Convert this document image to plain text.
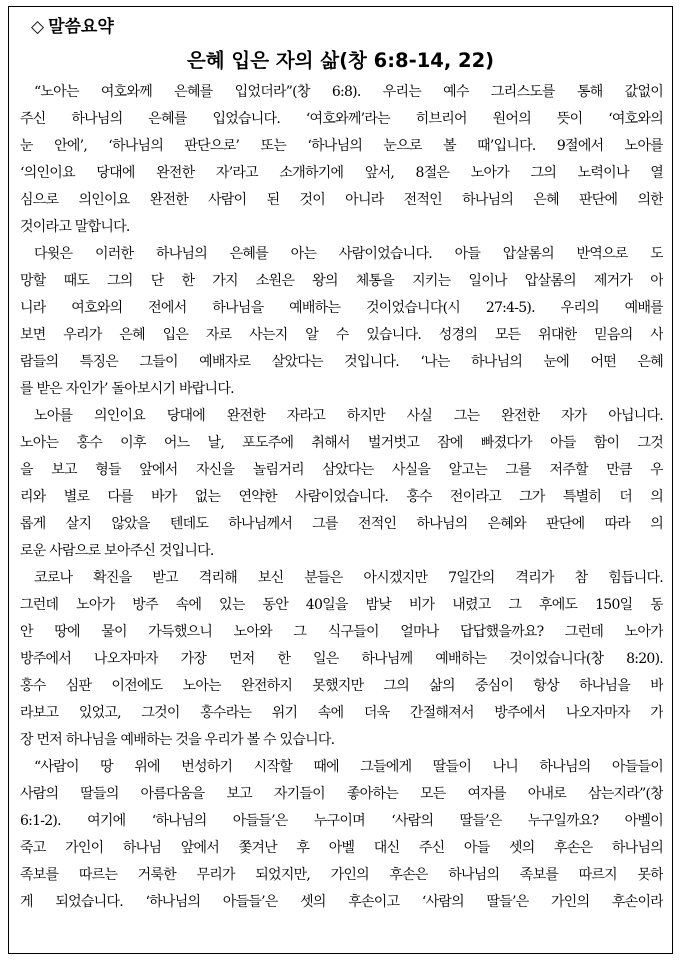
◇ 말씀요약
은혜 입은 자의 삶(창 6:8-14, 22)
“노아는 여호와께 은혜를 입었더라”(창 6:8). 우리는 예수 그리스도를 통해 값없이
주신 하나님의 은혜를 입었습니다. ‘여호와께’라는 히브리어 원어의 뜻이 ‘여호와의
눈 안에’, ‘하나님의 판단으로’ 또는 ‘하나님의 눈으로 볼 때’입니다. 9절에서 노아를
‘의인이요 당대에 완전한 자’라고 소개하기에 앞서, 8절은 노아가 그의 노력이나 열
심으로 의인이요 완전한 사람이 된 것이 아니라 전적인 하나님의 은혜 판단에 의한
것이라고 말합니다.
다윗은 이러한 하나님의 은혜를 아는 사람이었습니다. 아들 압살롬의 반역으로 도
망할 때도 그의 단 한 가지 소원은 왕의 체통을 지키는 일이나 압살롬의 제거가 아
니라 여호와의 전에서 하나님을 예배하는 것이었습니다(시 27:4-5). 우리의 예배를
보면 우리가 은혜 입은 자로 사는지 알 수 있습니다. 성경의 모든 위대한 믿음의 사
람들의 특징은 그들이 예배자로 살았다는 것입니다. ‘나는 하나님의 눈에 어떤 은혜
를 받은 자인가’ 돌아보시기 바랍니다.
노아를 의인이요 당대에 완전한 자라고 하지만 사실 그는 완전한 자가 아닙니다.
노아는 홍수 이후 어느 날, 포도주에 취해서 벌거벗고 잠에 빠졌다가 아들 함이 그것
을 보고 형들 앞에서 자신을 놀림거리 삼았다는 사실을 알고는 그를 저주할 만큼 우
리와 별로 다를 바가 없는 연약한 사람이었습니다. 홍수 전이라고 그가 특별히 더 의
롭게 살지 않았을 텐데도 하나님께서 그를 전적인 하나님의 은혜와 판단에 따라 의
로운 사람으로 보아주신 것입니다.
코로나 확진을 받고 격리해 보신 분들은 아시겠지만 7일간의 격리가 참 힘듭니다.
그런데 노아가 방주 속에 있는 동안 40일을 밤낮 비가 내렸고 그 후에도 150일 동
안 땅에 물이 가득했으니 노아와 그 식구들이 얼마나 답답했을까요? 그런데 노아가
방주에서 나오자마자 가장 먼저 한 일은 하나님께 예배하는 것이었습니다(창 8:20).
홍수 심판 이전에도 노아는 완전하지 못했지만 그의 삶의 중심이 항상 하나님을 바
라보고 있었고, 그것이 홍수라는 위기 속에 더욱 간절해져서 방주에서 나오자마자 가
장 먼저 하나님을 예배하는 것을 우리가 볼 수 있습니다.
“사람이 땅 위에 번성하기 시작할 때에 그들에게 딸들이 나니 하나님의 아들들이
사람의 딸들의 아름다움을 보고 자기들이 좋아하는 모든 여자를 아내로 삼는지라”(창
6:1-2). 여기에 ‘하나님의 아들들’은 누구이며 ‘사람의 딸들’은 누구일까요? 아벨이
죽고 가인이 하나님 앞에서 쫓겨난 후 아벨 대신 주신 아들 셋의 후손은 하나님의
족보를 따르는 거룩한 무리가 되었지만, 가인의 후손은 하나님의 족보를 따르지 못하
게 되었습니다. ‘하나님의 아들들’은 셋의 후손이고 ‘사람의 딸들’은 가인의 후손이라
